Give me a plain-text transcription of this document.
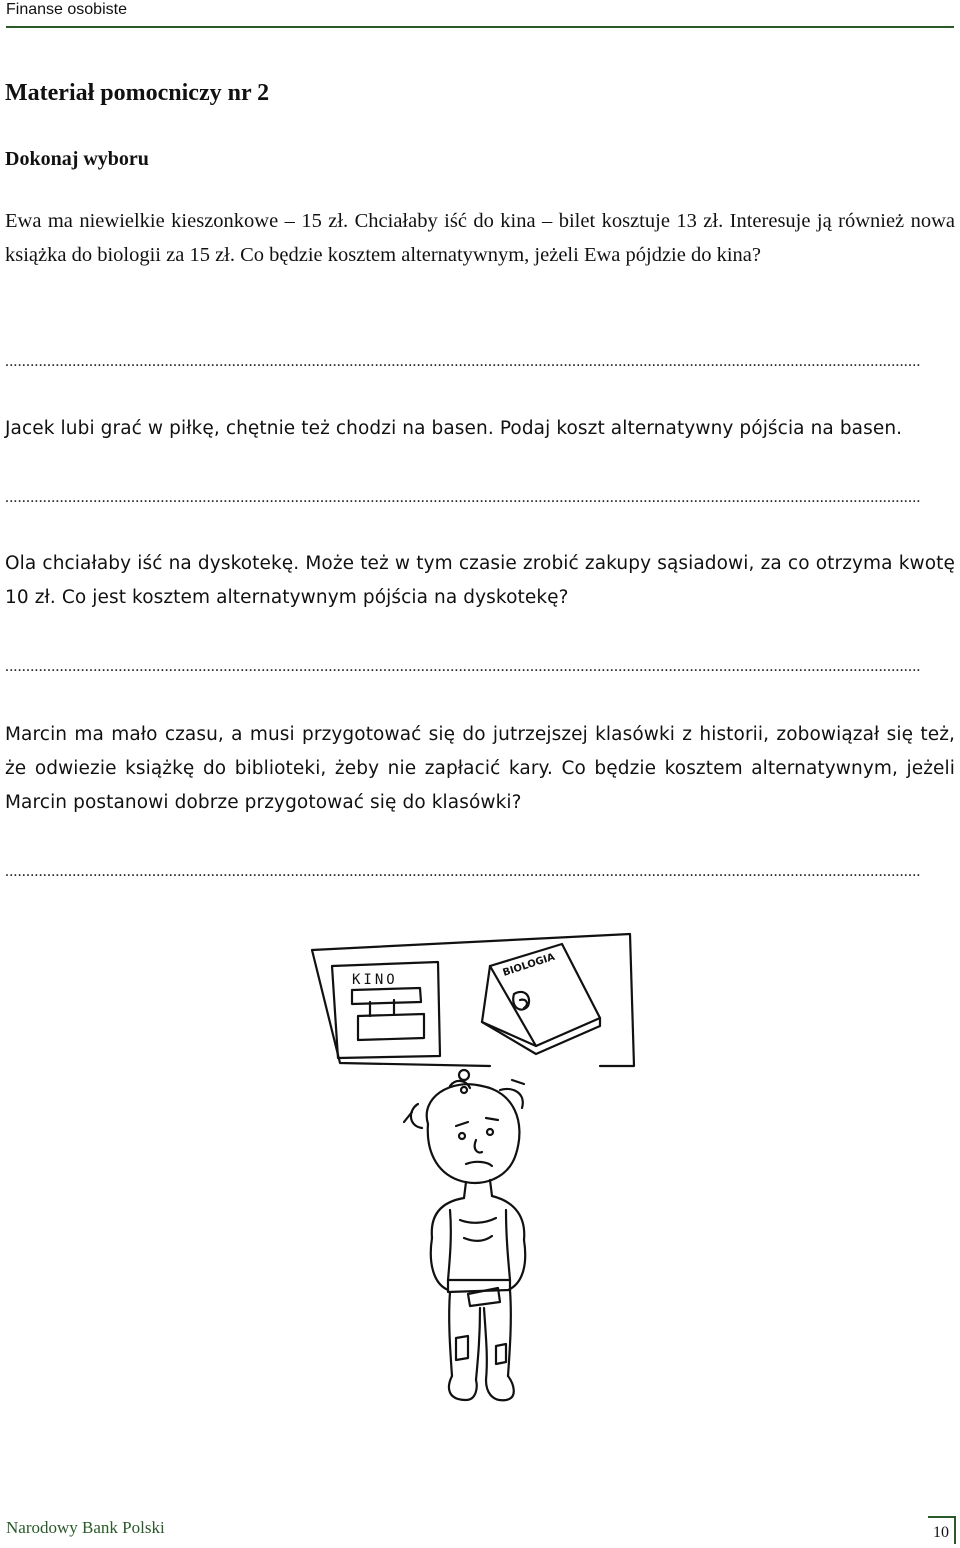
Finanse osobiste
Materiał pomocniczy nr 2
Dokonaj wyboru

Ewa ma niewielkie kieszonkowe – 15 zł. Chciałaby iść do kina – bilet kosztuje 13 zł. Interesuje ją również nowa książka do biologii za 15 zł. Co będzie kosztem alternatywnym, jeżeli Ewa pójdzie do kina?

..........................................................................................................................................................................................................................

Jacek lubi grać w piłkę, chętnie też chodzi na basen. Podaj koszt alternatywny pójścia na basen.

..........................................................................................................................................................................................................................

Ola chciałaby iść na dyskotekę. Może też w tym czasie zrobić zakupy sąsiadowi, za co otrzyma kwotę 10 zł. Co jest kosztem alternatywnym pójścia na dyskotekę?

..........................................................................................................................................................................................................................

Marcin ma mało czasu, a musi przygotować się do jutrzejszej klasówki z historii, zobowiązał się też, że odwiezie książkę do biblioteki, żeby nie zapłacić kary. Co będzie kosztem alternatywnym, jeżeli Marcin postanowi dobrze przygotować się do klasówki?

..........................................................................................................................................................................................................................
KINO
BIOLOGIA
Narodowy Bank Polski	10
